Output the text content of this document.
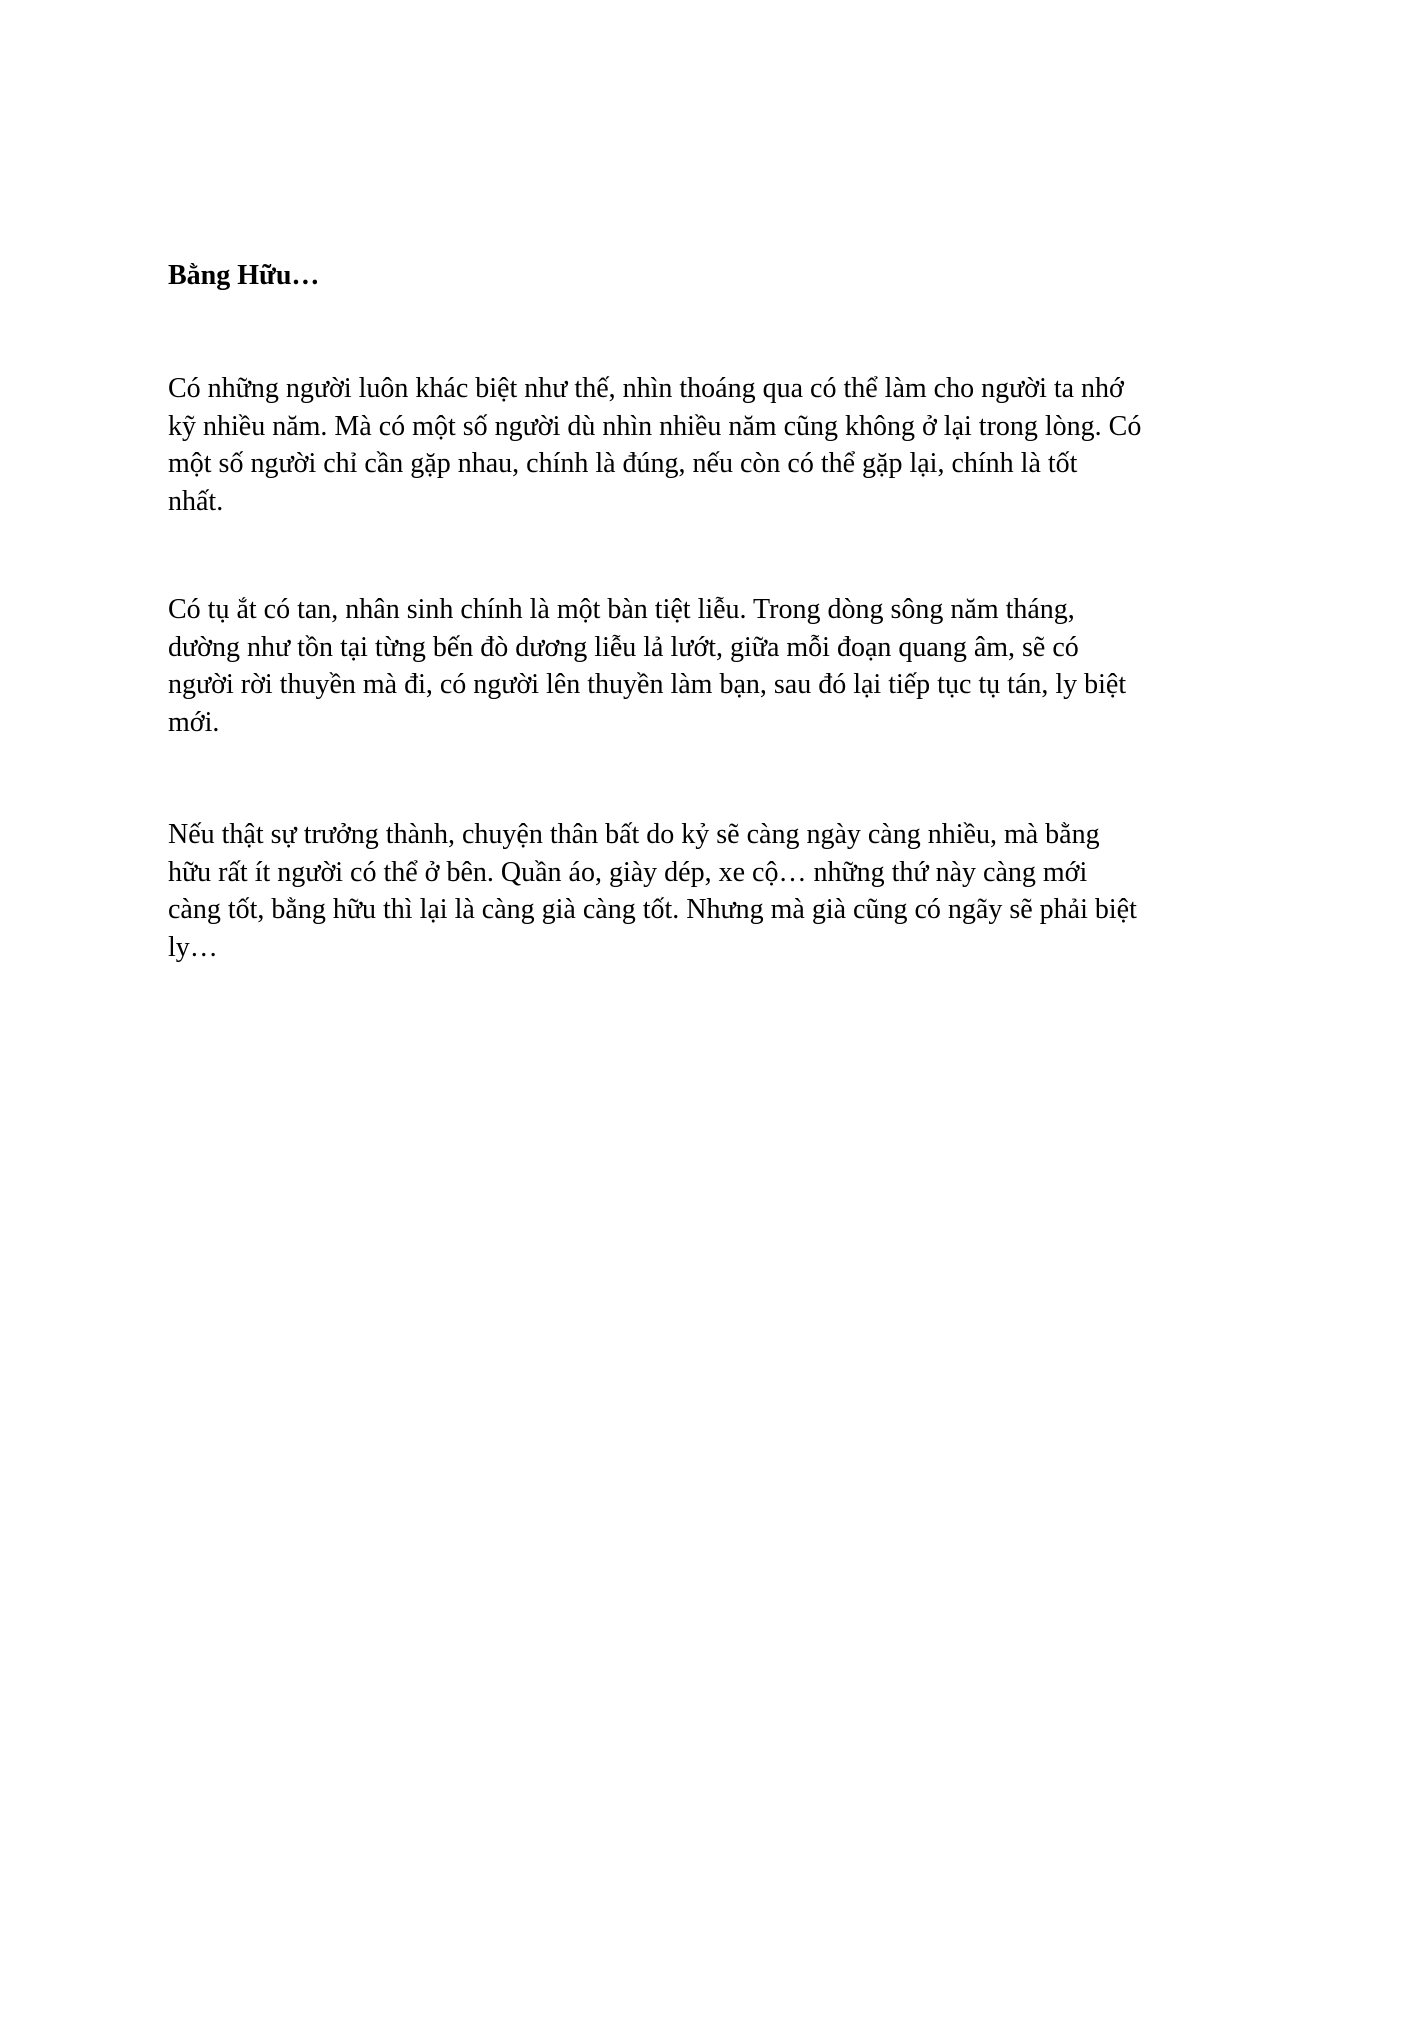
Bằng Hữu…

Có những người luôn khác biệt như thế, nhìn thoáng qua có thể làm cho người ta nhớ
kỹ nhiều năm. Mà có một số người dù nhìn nhiều năm cũng không ở lại trong lòng. Có
một số người chỉ cần gặp nhau, chính là đúng, nếu còn có thể gặp lại, chính là tốt
nhất.

Có tụ ắt có tan, nhân sinh chính là một bàn tiệt liễu. Trong dòng sông năm tháng,
dường như tồn tại từng bến đò dương liễu lả lướt, giữa mỗi đoạn quang âm, sẽ có
người rời thuyền mà đi, có người lên thuyền làm bạn, sau đó lại tiếp tục tụ tán, ly biệt
mới.

Nếu thật sự trưởng thành, chuyện thân bất do kỷ sẽ càng ngày càng nhiều, mà bằng
hữu rất ít người có thể ở bên. Quần áo, giày dép, xe cộ… những thứ này càng mới
càng tốt, bằng hữu thì lại là càng già càng tốt. Nhưng mà già cũng có ngãy sẽ phải biệt
ly…
